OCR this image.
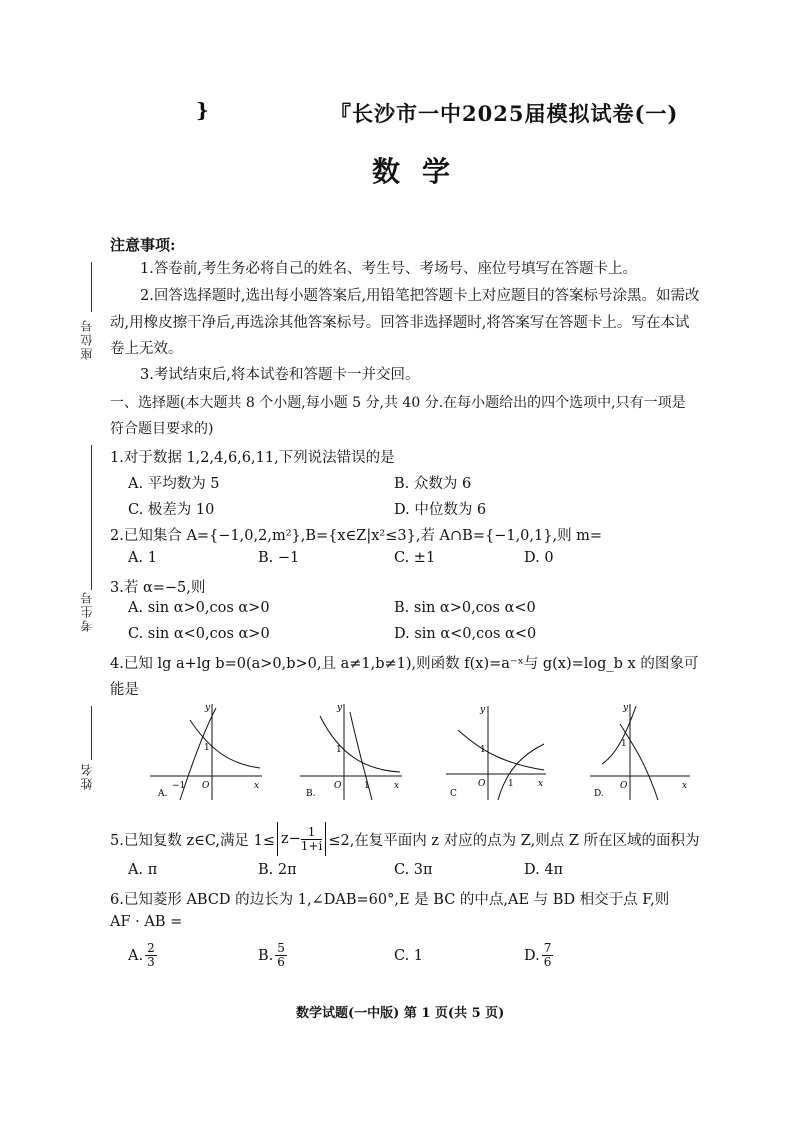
}	『长沙市一中2025届模拟试卷(一)
数学
座位号
考生号
姓名
注意事项:
1.答卷前,考生务必将自己的姓名、考生号、考场号、座位号填写在答题卡上。
2.回答选择题时,选出每小题答案后,用铅笔把答题卡上对应题目的答案标号涂黑。如需改
动,用橡皮擦干净后,再选涂其他答案标号。回答非选择题时,将答案写在答题卡上。写在本试
卷上无效。
3.考试结束后,将本试卷和答题卡一并交回。
一、选择题(本大题共 8 个小题,每小题 5 分,共 40 分.在每小题给出的四个选项中,只有一项是
符合题目要求的)
1.对于数据 1,2,4,6,6,11,下列说法错误的是
A. 平均数为 5	B. 众数为 6
C. 极差为 10	D. 中位数为 6
2.已知集合 A={−1,0,2,m²},B={x∈Z|x²≤3},若 A∩B={−1,0,1},则 m=
A. 1	B. −1	C. ±1	D. 0
3.若 α=−5,则
A. sin α>0,cos α>0	B. sin α>0,cos α<0
C. sin α<0,cos α>0	D. sin α<0,cos α<0
4.已知 lg a+lg b=0(a>0,b>0,且 a≠1,b≠1),则函数 f(x)=a⁻ˣ与 g(x)=log_b x 的图象可
能是
y
x
O
1
−1
A.
y
x
O
1
1
B.
y
x
O
1
1
C
y
x
O
1
D.
5.已知复数 z∈C,满足 $1\le z- \frac{1}{1+i} \le 2$,在复平面内 z 对应的点为 Z,则点 Z 所在区域的面积为
A. π	B. 2π	C. 3π	D. 4π
6.已知菱形 ABCD 的边长为 1,∠DAB=60°,E 是 BC 的中点,AE 与 BD 相交于点 F,则
AF · AB =
A. $\frac{2}{3}$	B. $\frac{5}{6}$	C. 1	D. $\frac{7}{6}$
数学试题(一中版) 第 1 页(共 5 页)
